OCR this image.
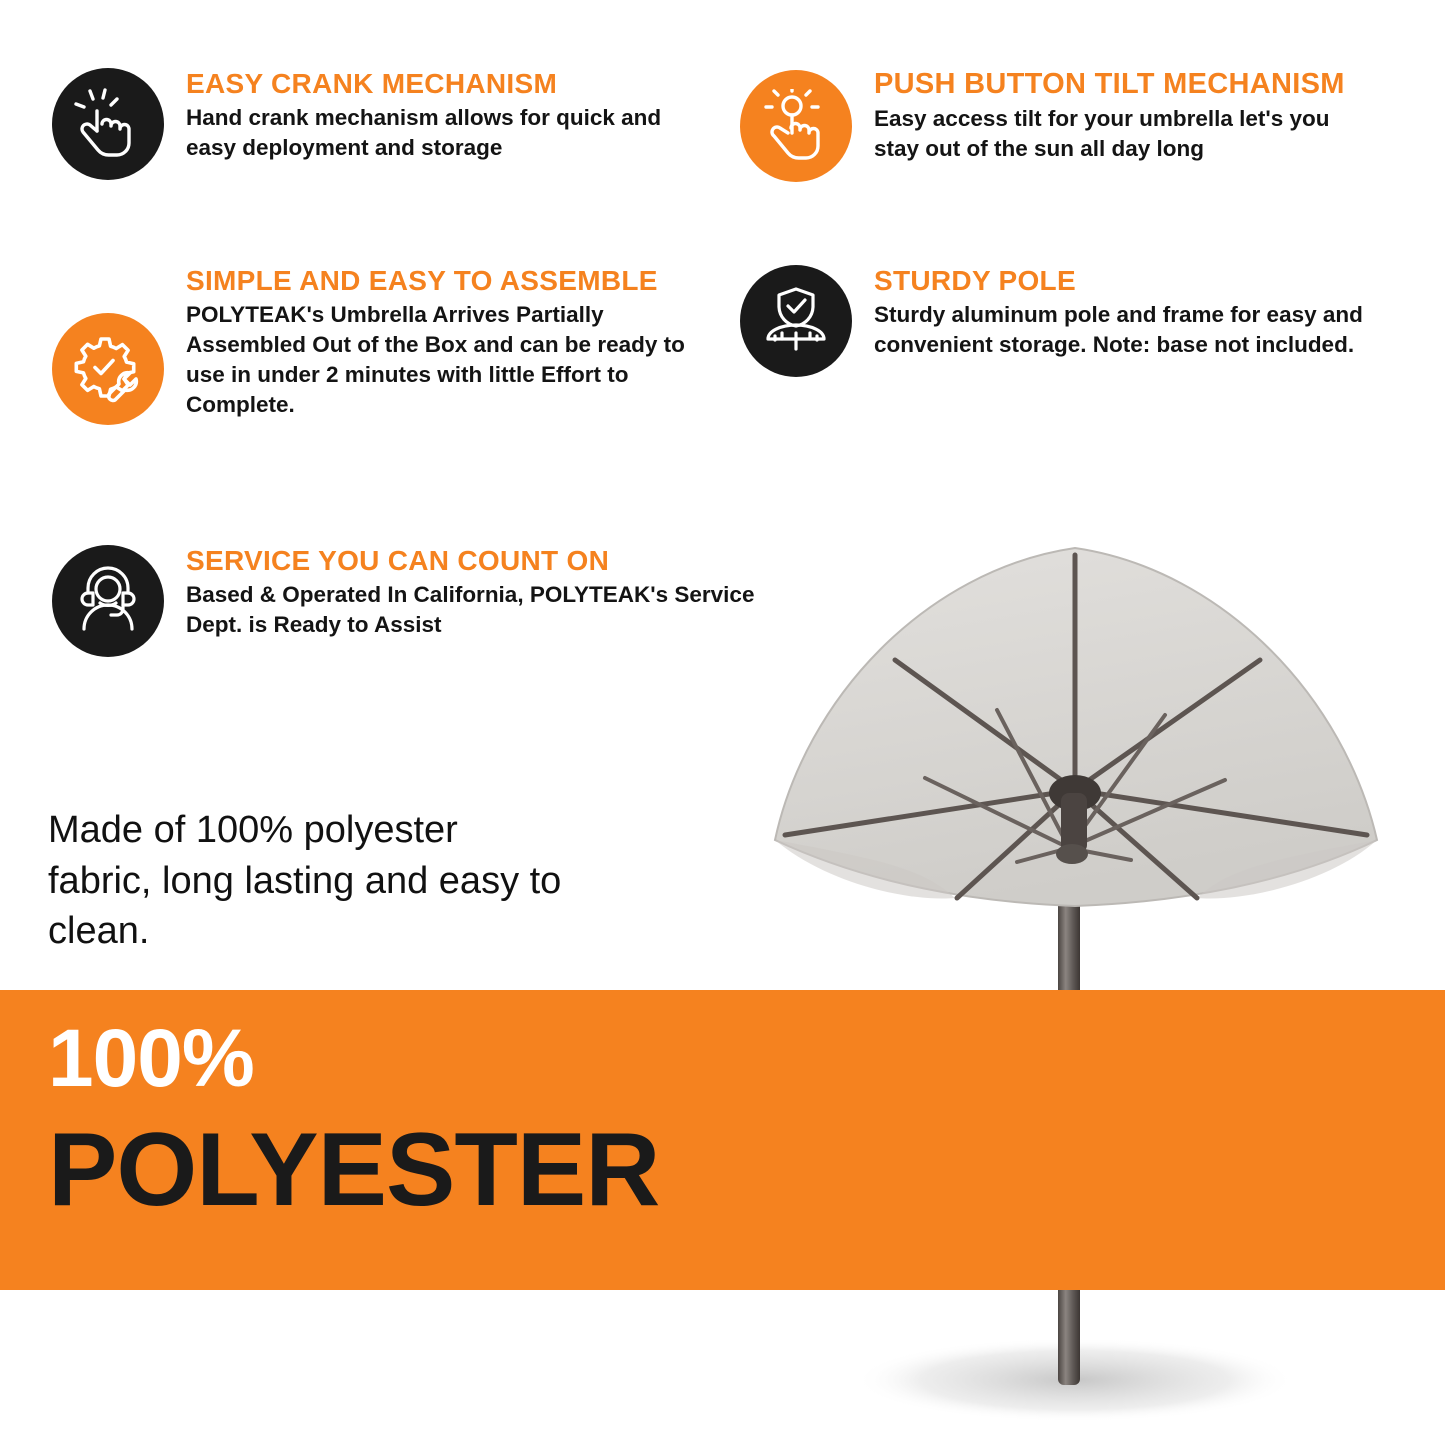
EASY CRANK MECHANISM
Hand crank mechanism allows for quick and easy deployment and storage
PUSH BUTTON TILT MECHANISM
Easy access tilt for your umbrella let's you stay out of the sun all day long
SIMPLE AND EASY TO ASSEMBLE
POLYTEAK's Umbrella Arrives Partially Assembled Out of the Box and can be ready to use in under 2 minutes with little Effort to Complete.
STURDY POLE
Sturdy aluminum pole and frame for easy and convenient storage. Note: base not included.
SERVICE YOU CAN COUNT ON
Based & Operated In California, POLYTEAK's Service Dept. is Ready to Assist
Made of 100% polyester fabric, long lasting and easy to clean.
100%
POLYESTER
